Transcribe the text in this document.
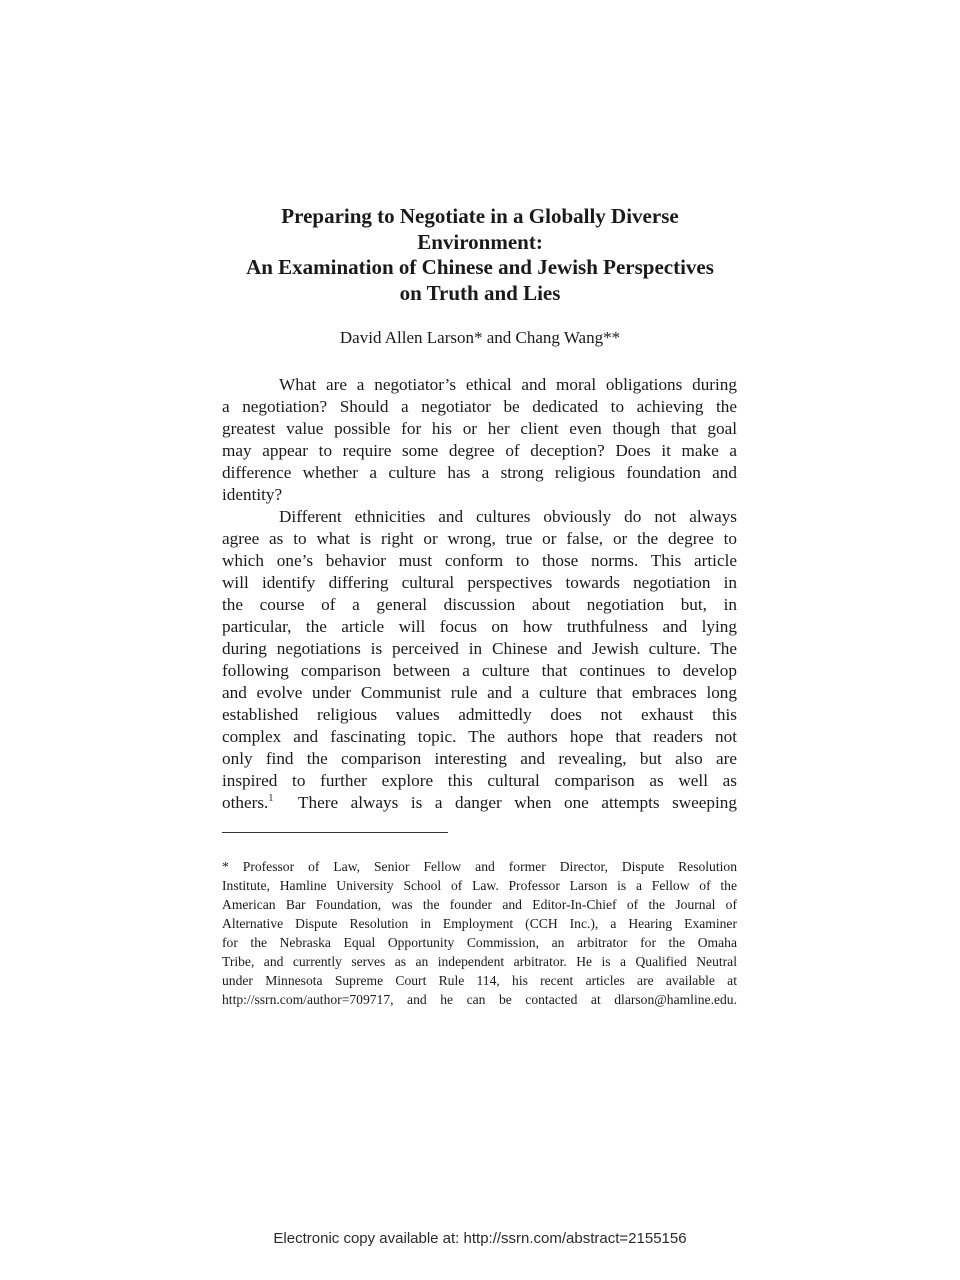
Preparing to Negotiate in a Globally Diverse
Environment:
An Examination of Chinese and Jewish Perspectives
on Truth and Lies
David Allen Larson* and Chang Wang**
What are a negotiator’s ethical and moral obligations during
a negotiation? Should a negotiator be dedicated to achieving the
greatest value possible for his or her client even though that goal
may appear to require some degree of deception? Does it make a
difference whether a culture has a strong religious foundation and
identity?
Different ethnicities and cultures obviously do not always
agree as to what is right or wrong, true or false, or the degree to
which one’s behavior must conform to those norms. This article
will identify differing cultural perspectives towards negotiation in
the course of a general discussion about negotiation but, in
particular, the article will focus on how truthfulness and lying
during negotiations is perceived in Chinese and Jewish culture. The
following comparison between a culture that continues to develop
and evolve under Communist rule and a culture that embraces long
established religious values admittedly does not exhaust this
complex and fascinating topic. The authors hope that readers not
only find the comparison interesting and revealing, but also are
inspired to further explore this cultural comparison as well as
others.$^1$  There always is a danger when one attempts sweeping
* Professor of Law, Senior Fellow and former Director, Dispute Resolution
Institute, Hamline University School of Law. Professor Larson is a Fellow of the
American Bar Foundation, was the founder and Editor-In-Chief of the Journal of
Alternative Dispute Resolution in Employment (CCH Inc.), a Hearing Examiner
for the Nebraska Equal Opportunity Commission, an arbitrator for the Omaha
Tribe, and currently serves as an independent arbitrator. He is a Qualified Neutral
under Minnesota Supreme Court Rule 114, his recent articles are available at
http://ssrn.com/author=709717, and he can be contacted at dlarson@hamline.edu.
Electronic copy available at: http://ssrn.com/abstract=2155156
